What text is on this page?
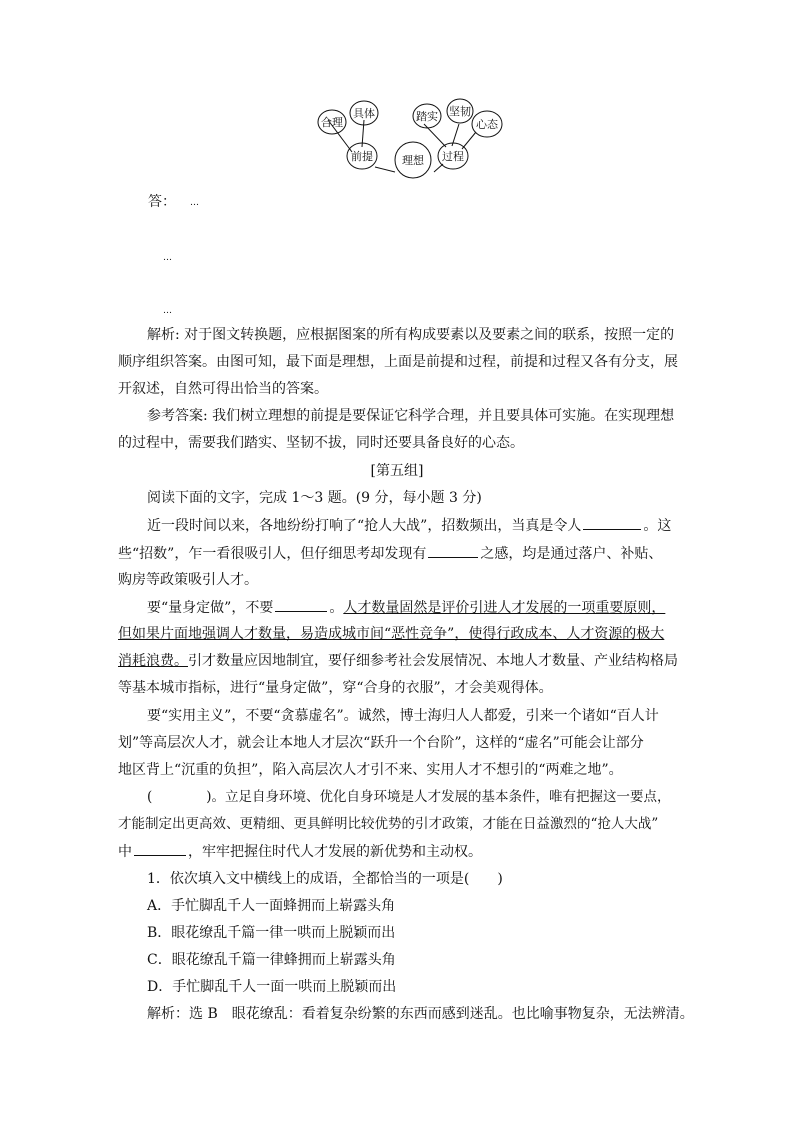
合理
具体
前提	理想
踏实 坚韧
过程
心态
答： …
…
…
解析: 对于图文转换题，应根据图案的所有构成要素以及要素之间的联系，按照一定的
顺序组织答案。由图可知，最下面是理想，上面是前提和过程，前提和过程又各有分支，展
开叙述，自然可得出恰当的答案。
参考答案: 我们树立理想的前提是要保证它科学合理，并且要具体可实施。在实现理想
的过程中，需要我们踏实、坚韧不拔，同时还要具备良好的心态。
[第五组]
阅读下面的文字，完成 1～3 题。(9 分，每小题 3 分)
近一段时间以来，各地纷纷打响了“抢人大战”，招数频出，当真是令人	。这
些“招数”，乍一看很吸引人，但仔细思考却发现有	之感，均是通过落户、补贴、
购房等政策吸引人才。
要“量身定做”，不要	。人才数量固然是评价引进人才发展的一项重要原则，
但如果片面地强调人才数量，易造成城市间“恶性竞争”，使得行政成本、人才资源的极大
消耗浪费。引才数量应因地制宜，要仔细参考社会发展情况、本地人才数量、产业结构格局
等基本城市指标，进行“量身定做”，穿“合身的衣服”，才会美观得体。
要“实用主义”，不要“贪慕虚名”。诚然，博士海归人人都爱，引来一个诸如“百人计
划”等高层次人才，就会让本地人才层次“跃升一个台阶”，这样的“虚名”可能会让部分
地区背上“沉重的负担”，陷入高层次人才引不来、实用人才不想引的“两难之地”。
(　　　　)。立足自身环境、优化自身环境是人才发展的基本条件，唯有把握这一要点，
才能制定出更高效、更精细、更具鲜明比较优势的引才政策，才能在日益激烈的“抢人大战”
中	，牢牢把握住时代人才发展的新优势和主动权。
1．依次填入文中横线上的成语，全都恰当的一项是(　　)
A．手忙脚乱千人一面蜂拥而上崭露头角
B．眼花缭乱千篇一律一哄而上脱颖而出
C．眼花缭乱千篇一律蜂拥而上崭露头角
D．手忙脚乱千人一面一哄而上脱颖而出
解析：选 B　眼花缭乱：看着复杂纷繁的东西而感到迷乱。也比喻事物复杂，无法辨清。
